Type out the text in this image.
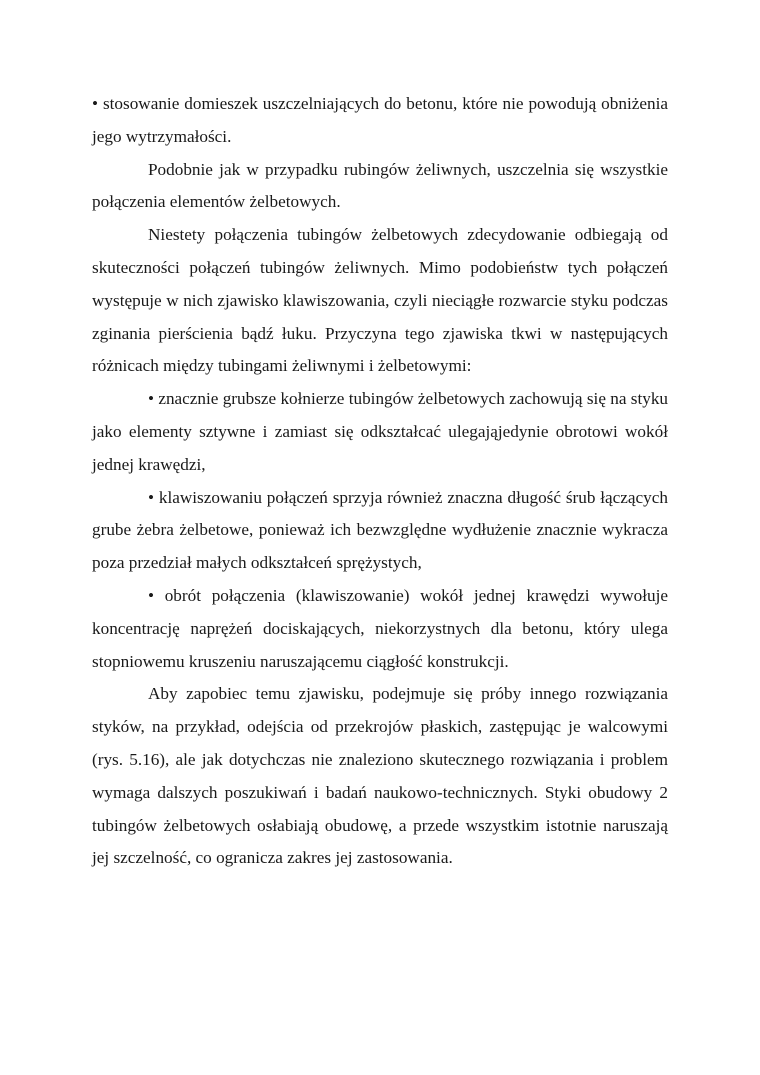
• stosowanie domieszek uszczelniających do betonu, które nie powodują obniżenia jego wytrzymałości.

Podobnie jak w przypadku rubingów żeliwnych, uszczelnia się wszystkie połączenia elementów żelbetowych.

Niestety połączenia tubingów żelbetowych zdecydowanie odbiegają od skuteczności połączeń tubingów żeliwnych. Mimo podobieństw tych połączeń występuje w nich zjawisko klawiszowania, czyli nieciągłe rozwarcie styku podczas zginania pierścienia bądź łuku. Przyczyna tego zjawiska tkwi w następujących różnicach między tubingami żeliwnymi i żelbetowymi:

• znacznie grubsze kołnierze tubingów żelbetowych zachowują się na styku jako elementy sztywne i zamiast się odkształcać ulegająjedynie obrotowi wokół jednej krawędzi,

• klawiszowaniu połączeń sprzyja również znaczna długość śrub łączących grube żebra żelbetowe, ponieważ ich bezwzględne wydłużenie znacznie wykracza poza przedział małych odkształceń sprężystych,

• obrót połączenia (klawiszowanie) wokół jednej krawędzi wywołuje koncentrację naprężeń dociskających, niekorzystnych dla betonu, który ulega stopniowemu kruszeniu naruszającemu ciągłość konstrukcji.

Aby zapobiec temu zjawisku, podejmuje się próby innego rozwiązania styków, na przykład, odejścia od przekrojów płaskich, zastępując je walcowymi (rys. 5.16), ale jak dotychczas nie znaleziono skutecznego rozwiązania i problem wymaga dalszych poszukiwań i badań naukowo-technicznych. Styki obudowy 2 tubingów żelbetowych osłabiają obudowę, a przede wszystkim istotnie naruszają jej szczelność, co ogranicza zakres jej zastosowania.
